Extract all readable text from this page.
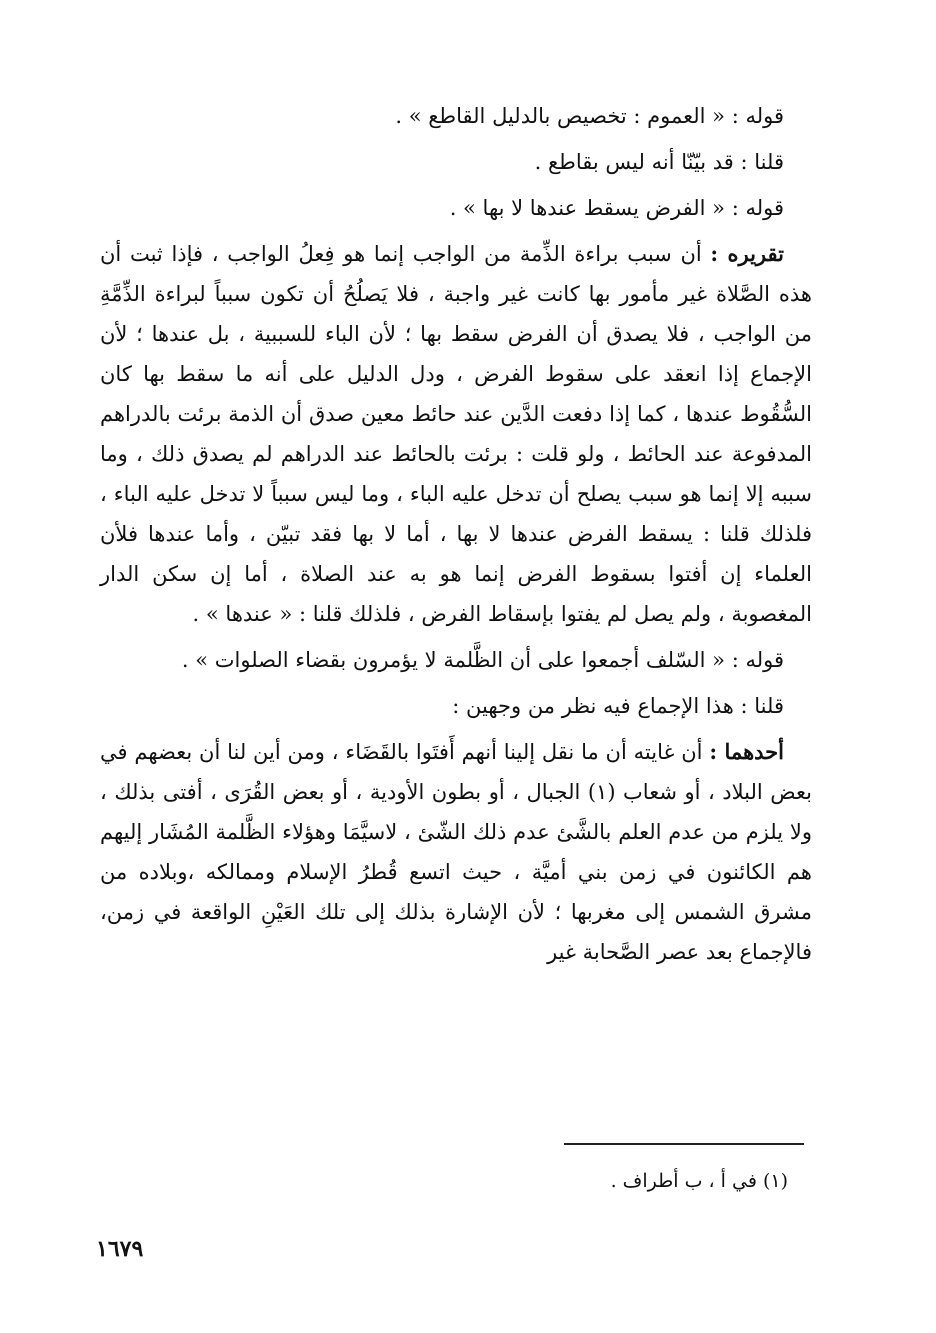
قوله : « العموم : تخصيص بالدليل القاطع » .

قلنا : قد بيّنّا أنه ليس بقاطع .

قوله : « الفرض يسقط عندها لا بها » .

تقريره : أن سبب براءة الذِّمة من الواجب إنما هو فِعلُ الواجب ، فإذا ثبت أن هذه الصَّلاة غير مأمور بها كانت غير واجبة ، فلا يَصلُحُ أن تكون سبباً لبراءة الذِّمَّةِ من الواجب ، فلا يصدق أن الفرض سقط بها ؛ لأن الباء للسببية ، بل عندها ؛ لأن الإجماع إذا انعقد على سقوط الفرض ، ودل الدليل على أنه ما سقط بها كان السُّقُوط عندها ، كما إذا دفعت الدَّين عند حائط معين صدق أن الذمة برئت بالدراهم المدفوعة عند الحائط ، ولو قلت : برئت بالحائط عند الدراهم لم يصدق ذلك ، وما سببه إلا إنما هو سبب يصلح أن تدخل عليه الباء ، وما ليس سبباً لا تدخل عليه الباء ، فلذلك قلنا : يسقط الفرض عندها لا بها ، أما لا بها فقد تبيّن ، وأما عندها فلأن العلماء إن أفتوا بسقوط الفرض إنما هو به عند الصلاة ، أما إن سكن الدار المغصوبة ، ولم يصل لم يفتوا بإسقاط الفرض ، فلذلك قلنا : « عندها » .

قوله : « السّلف أجمعوا على أن الظَّلمة لا يؤمرون بقضاء الصلوات » .

قلنا : هذا الإجماع فيه نظر من وجهين :

أحدهما : أن غايته أن ما نقل إلينا أنهم أَفتَوا بالقَضَاء ، ومن أين لنا أن بعضهم في بعض البلاد ، أو شعاب (١) الجبال ، أو بطون الأودية ، أو بعض القُرَى ، أفتى بذلك ، ولا يلزم من عدم العلم بالشَّئ عدم ذلك الشّئ ، لاسيَّمَا وهؤلاء الظَّلمة المُشَار إليهم هم الكائنون في زمن بني أميَّة ، حيث اتسع قُطرُ الإسلام وممالكه ،وبلاده من مشرق الشمس إلى مغربها ؛ لأن الإشارة بذلك إلى تلك العَيْنِ الواقعة في زمن، فالإجماع بعد عصر الصَّحابة غير

(١) في أ ، ب أطراف .
١٦٧٩
